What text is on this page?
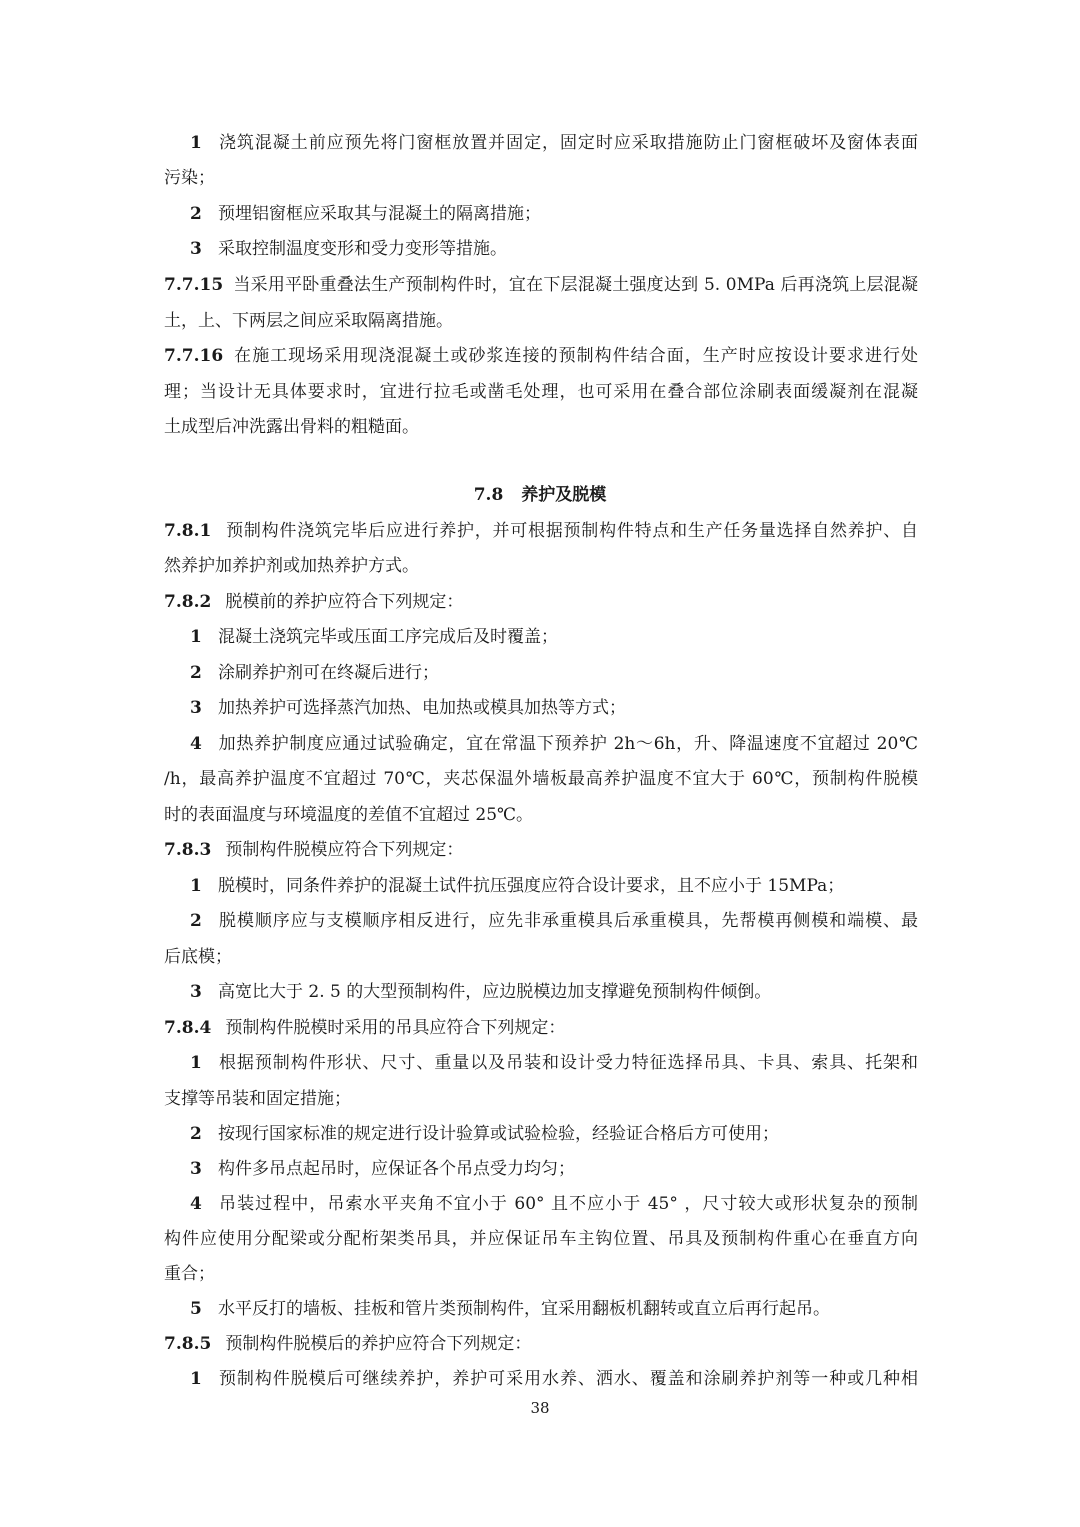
1 浇筑混凝土前应预先将门窗框放置并固定，固定时应采取措施防止门窗框破坏及窗体表面
污染；
2 预埋铝窗框应采取其与混凝土的隔离措施；
3 采取控制温度变形和受力变形等措施。
7.7.15 当采用平卧重叠法生产预制构件时，宜在下层混凝土强度达到 5. 0MPa 后再浇筑上层混凝
土，上、下两层之间应采取隔离措施。
7.7.16 在施工现场采用现浇混凝土或砂浆连接的预制构件结合面，生产时应按设计要求进行处
理；当设计无具体要求时，宜进行拉毛或凿毛处理，也可采用在叠合部位涂刷表面缓凝剂在混凝
土成型后冲洗露出骨料的粗糙面。
7.8 养护及脱模
7.8.1 预制构件浇筑完毕后应进行养护，并可根据预制构件特点和生产任务量选择自然养护、自
然养护加养护剂或加热养护方式。
7.8.2 脱模前的养护应符合下列规定：
1 混凝土浇筑完毕或压面工序完成后及时覆盖；
2 涂刷养护剂可在终凝后进行；
3 加热养护可选择蒸汽加热、电加热或模具加热等方式；
4 加热养护制度应通过试验确定，宜在常温下预养护 2h～6h，升、降温速度不宜超过 20℃
/h，最高养护温度不宜超过 70℃，夹芯保温外墙板最高养护温度不宜大于 60℃，预制构件脱模
时的表面温度与环境温度的差值不宜超过 25℃。
7.8.3 预制构件脱模应符合下列规定：
1 脱模时，同条件养护的混凝土试件抗压强度应符合设计要求，且不应小于 15MPa；
2 脱模顺序应与支模顺序相反进行，应先非承重模具后承重模具，先帮模再侧模和端模、最
后底模；
3 高宽比大于 2. 5 的大型预制构件，应边脱模边加支撑避免预制构件倾倒。
7.8.4 预制构件脱模时采用的吊具应符合下列规定：
1 根据预制构件形状、尺寸、重量以及吊装和设计受力特征选择吊具、卡具、索具、托架和
支撑等吊装和固定措施；
2 按现行国家标准的规定进行设计验算或试验检验，经验证合格后方可使用；
3 构件多吊点起吊时，应保证各个吊点受力均匀；
4 吊装过程中，吊索水平夹角不宜小于 60° 且不应小于 45° ，尺寸较大或形状复杂的预制
构件应使用分配梁或分配桁架类吊具，并应保证吊车主钩位置、吊具及预制构件重心在垂直方向
重合；
5 水平反打的墙板、挂板和管片类预制构件，宜采用翻板机翻转或直立后再行起吊。
7.8.5 预制构件脱模后的养护应符合下列规定：
1 预制构件脱模后可继续养护，养护可采用水养、洒水、覆盖和涂刷养护剂等一种或几种相
38
